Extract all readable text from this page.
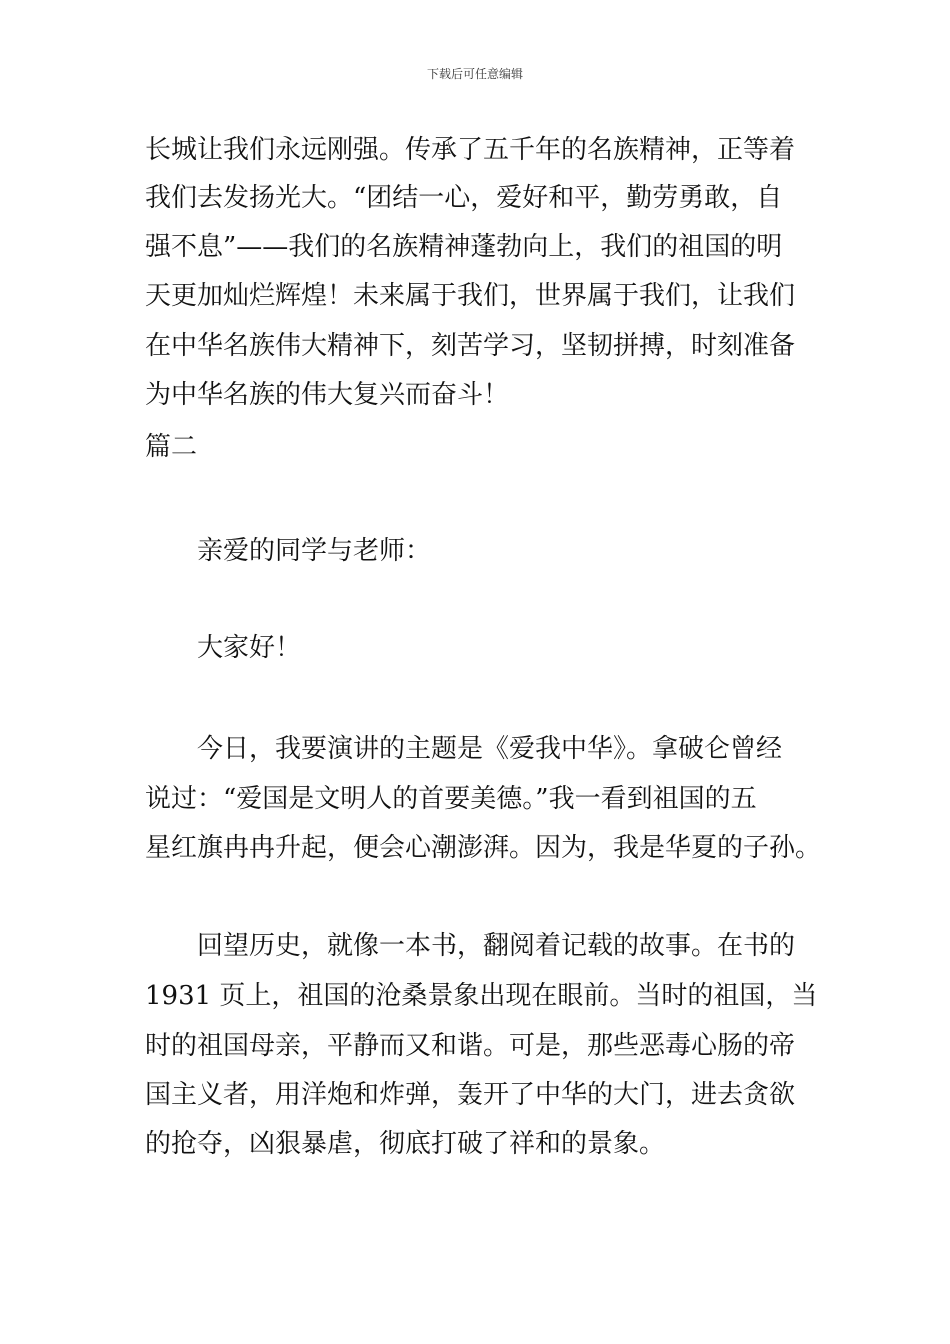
下载后可任意编辑
长城让我们永远刚强。传承了五千年的名族精神，正等着
我们去发扬光大。“团结一心，爱好和平，勤劳勇敢，自
强不息”——我们的名族精神蓬勃向上，我们的祖国的明
天更加灿烂辉煌！未来属于我们，世界属于我们，让我们
在中华名族伟大精神下，刻苦学习，坚韧拼搏，时刻准备
为中华名族的伟大复兴而奋斗！
篇二
亲爱的同学与老师：
大家好！
今日，我要演讲的主题是《爱我中华》。拿破仑曾经
说过：“爱国是文明人的首要美德。”我一看到祖国的五
星红旗冉冉升起，便会心潮澎湃。因为，我是华夏的子孙。
回望历史，就像一本书，翻阅着记载的故事。在书的
1931 页上，祖国的沧桑景象出现在眼前。当时的祖国，当
时的祖国母亲，平静而又和谐。可是，那些恶毒心肠的帝
国主义者，用洋炮和炸弹，轰开了中华的大门，进去贪欲
的抢夺，凶狠暴虐，彻底打破了祥和的景象。
